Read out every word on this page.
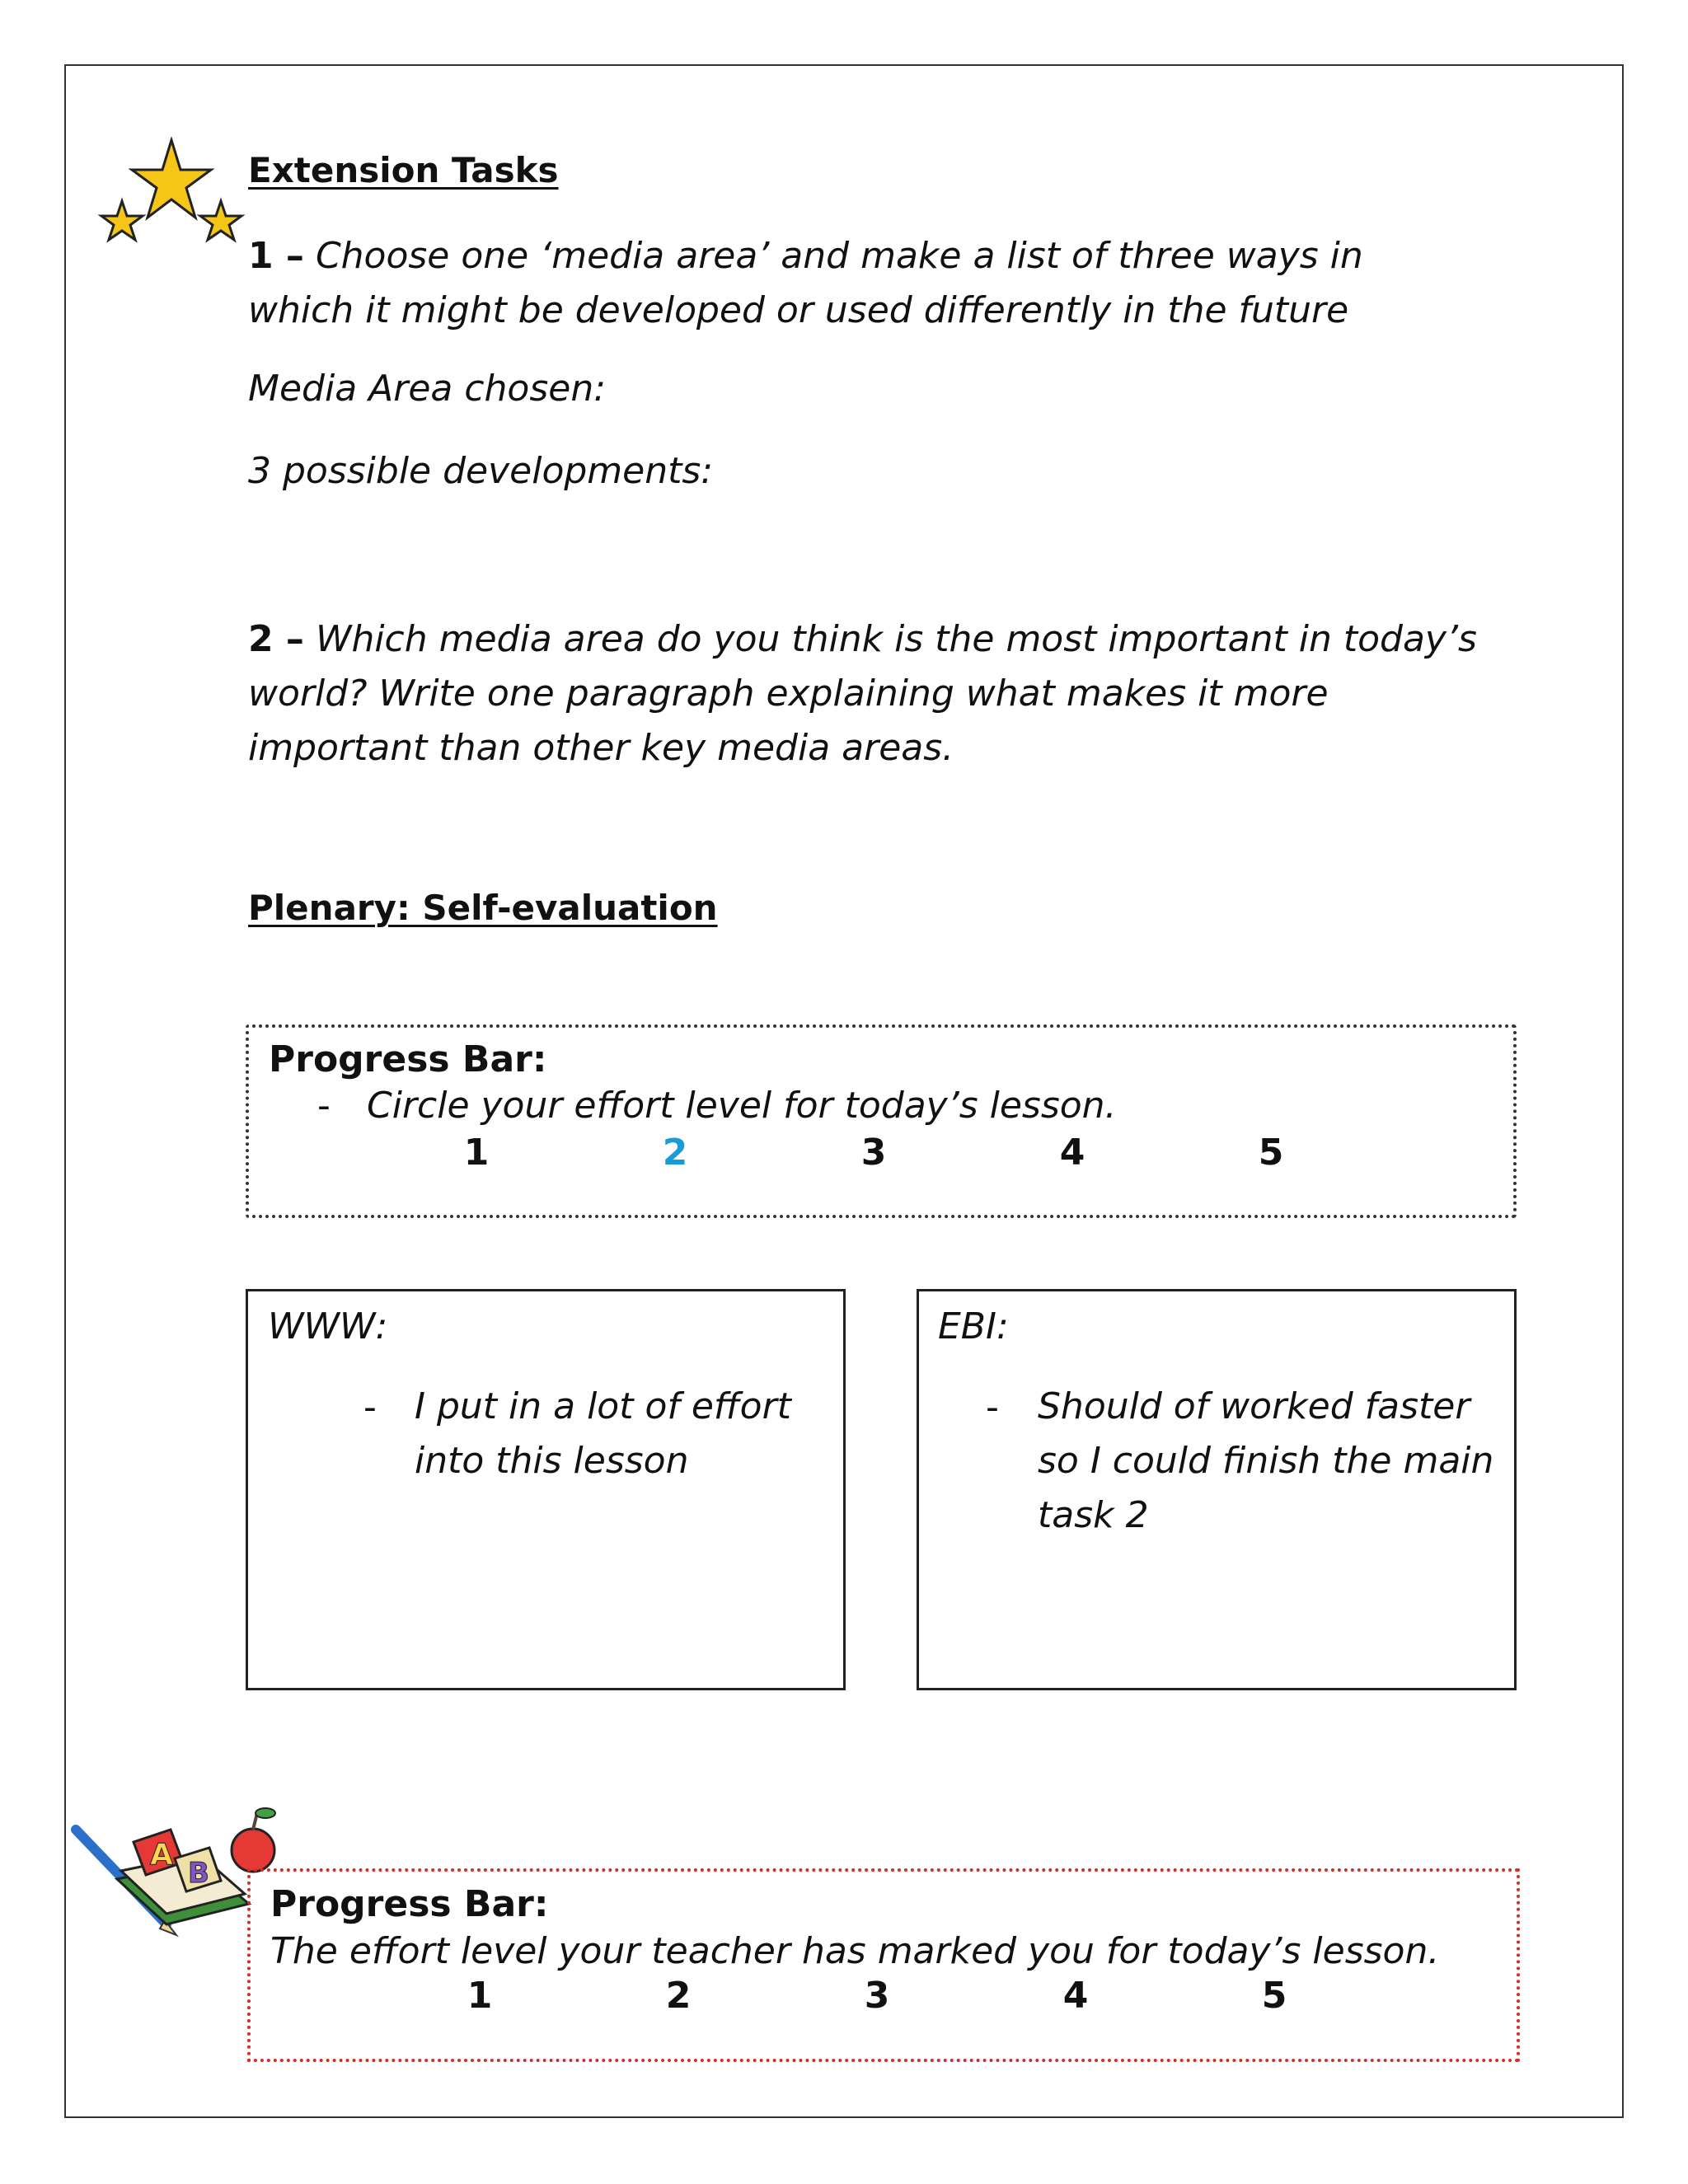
Extension Tasks
1 – Choose one ‘media area’ and make a list of three ways in
which it might be developed or used differently in the future
Media Area chosen:
3 possible developments:
2 – Which media area do you think is the most important in today’s
world? Write one paragraph explaining what makes it more
important than other key media areas.
Plenary: Self-evaluation
Progress Bar:
- Circle your effort level for today’s lesson.
1	2	3	4	5
WWW:
- I put in a lot of effort
into this lesson
EBI:
- Should of worked faster
so I could finish the main
task 2
A
B
Progress Bar:
The effort level your teacher has marked you for today’s lesson.
1	2	3	4	5
